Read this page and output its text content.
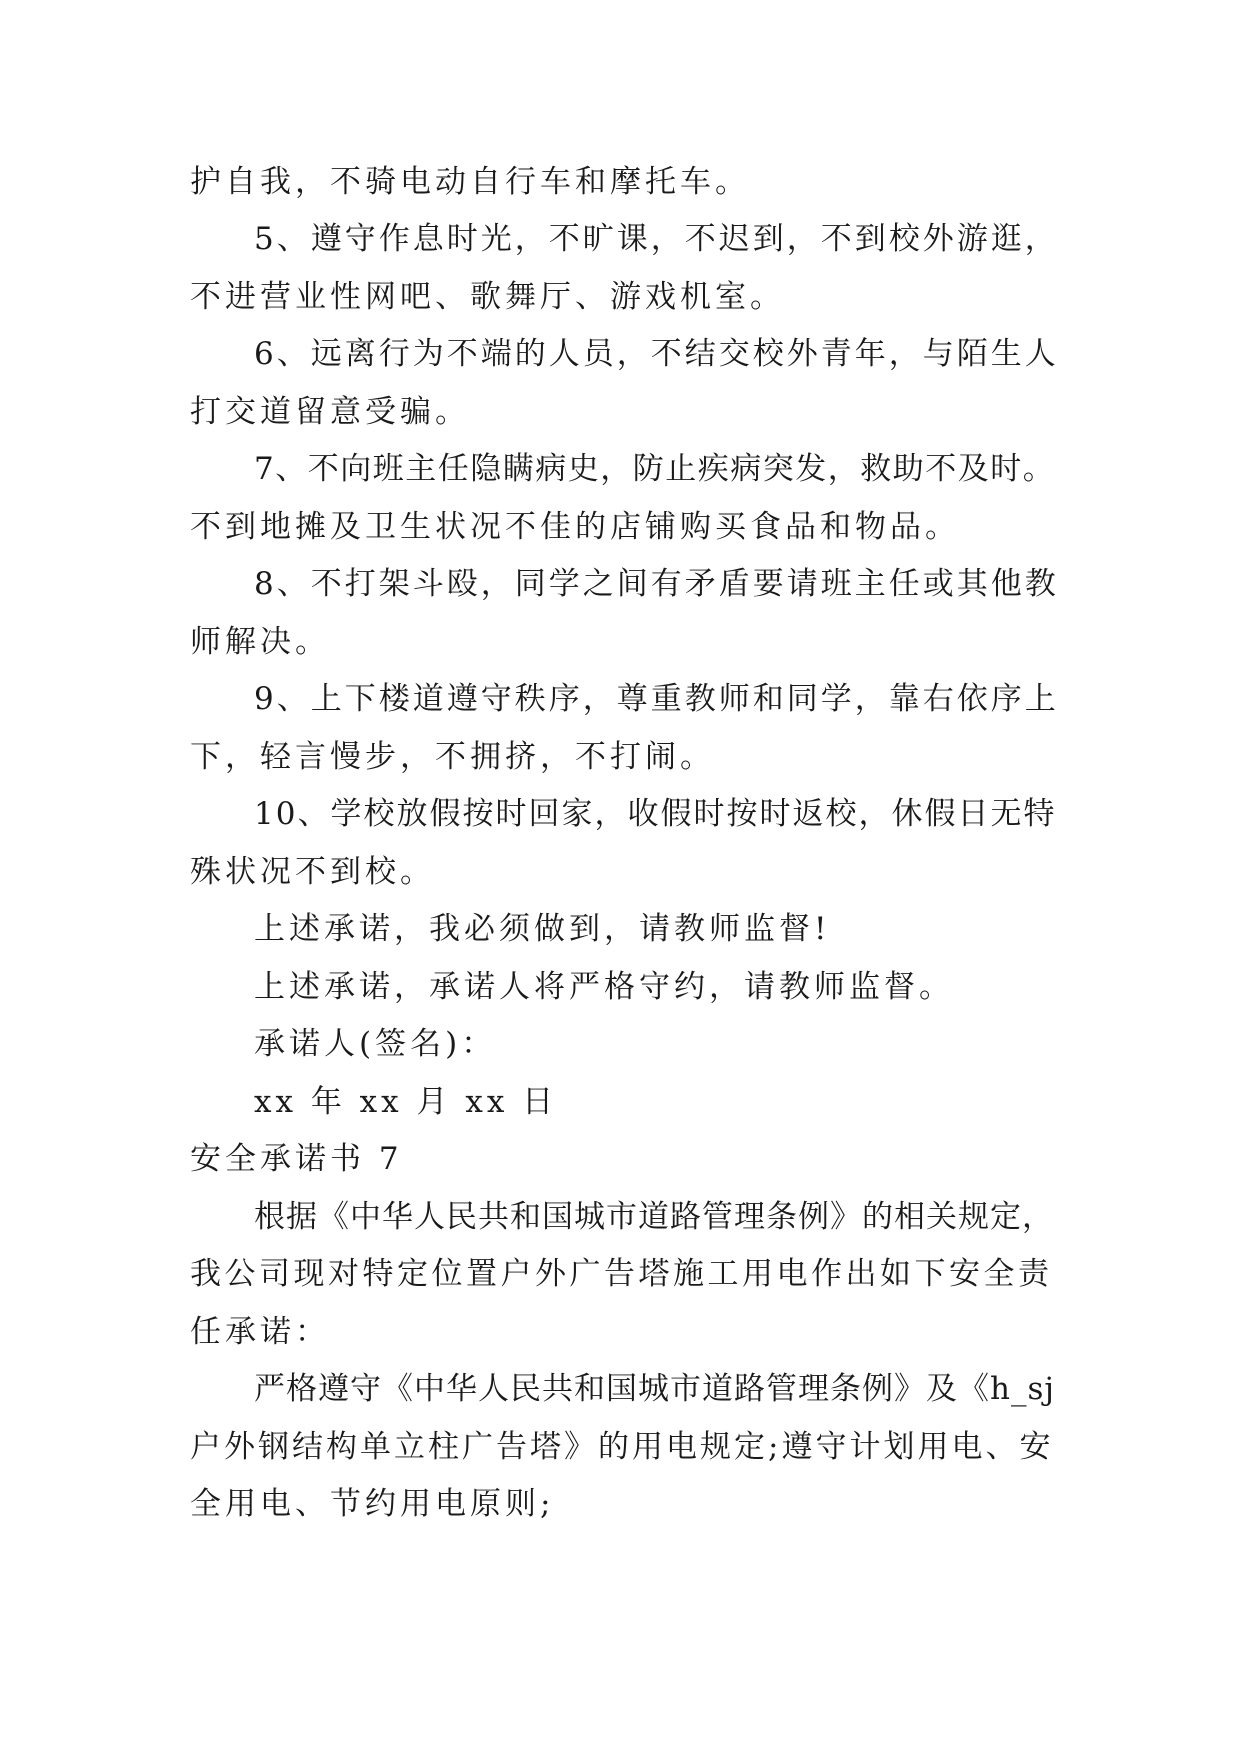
护自我，不骑电动自行车和摩托车。
5、遵守作息时光，不旷课，不迟到，不到校外游逛，
不进营业性网吧、歌舞厅、游戏机室。
6、远离行为不端的人员，不结交校外青年，与陌生人
打交道留意受骗。
7、不向班主任隐瞒病史，防止疾病突发，救助不及时。
不到地摊及卫生状况不佳的店铺购买食品和物品。
8、不打架斗殴，同学之间有矛盾要请班主任或其他教
师解决。
9、上下楼道遵守秩序，尊重教师和同学，靠右依序上
下，轻言慢步，不拥挤，不打闹。
10、学校放假按时回家，收假时按时返校，休假日无特
殊状况不到校。
上述承诺，我必须做到，请教师监督!
上述承诺，承诺人将严格守约，请教师监督。
承诺人(签名)：
xx 年 xx 月 xx 日
安全承诺书 7
根据《中华人民共和国城市道路管理条例》的相关规定，
我公司现对特定位置户外广告塔施工用电作出如下安全责
任承诺：
严格遵守《中华人民共和国城市道路管理条例》及《h_sj
户外钢结构单立柱广告塔》的用电规定;遵守计划用电、安
全用电、节约用电原则;
